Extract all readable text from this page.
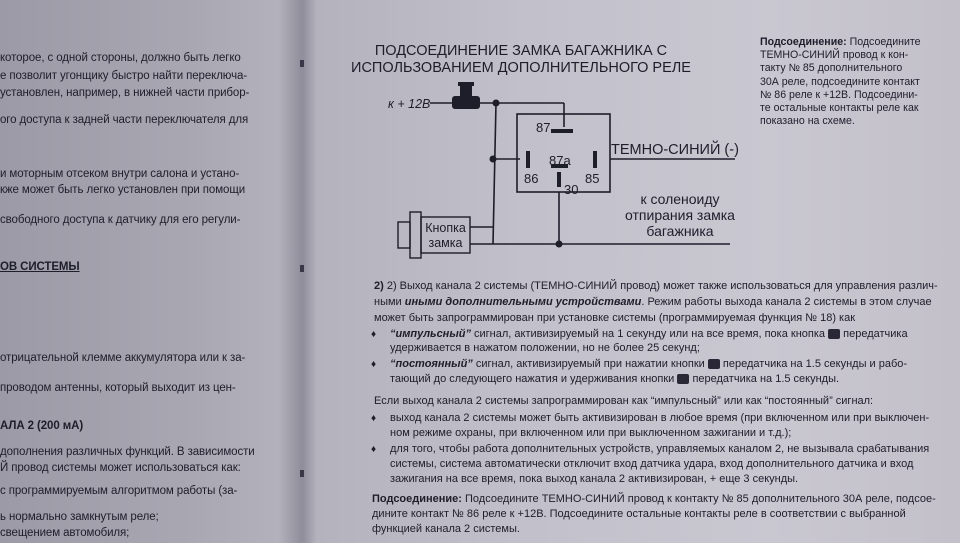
которое, с одной стороны, должно быть легко
е позволит угонщику быстро найти переключа-
установлен, например, в нижней части прибор-
ого доступа к задней части переключателя для
и моторным отсеком внутри салона и устано-
кже может быть легко установлен при помощи
свободного доступа к датчику для его регули-
ОВ СИСТЕМЫ
отрицательной клемме аккумулятора или к за-
проводом антенны, который выходит из цен-
АЛА 2 (200 мА)
дополнения различных функций. В зависимости
Й провод системы может использоваться как:
с программируемым алгоритмом работы (за-
ь нормально замкнутым реле;
свещением автомобиля;
ПОДСОЕДИНЕНИЕ ЗАМКА БАГАЖНИКА С
ИСПОЛЬЗОВАНИЕМ ДОПОЛНИТЕЛЬНОГО РЕЛЕ
к + 12В
87
87a
86	85
30
ТЕМНО-СИНИЙ (-)
к соленоиду
отпирания замка
багажника
Кнопка
замка
Подсоединение: Подсоедините
ТЕМНО-СИНИЙ провод к кон-
такту № 85 дополнительного
30А реле, подсоедините контакт
№ 86 реле к +12В. Подсоедини-
те остальные контакты реле как
показано на схеме.
2) 2) Выход канала 2 системы (ТЕМНО-СИНИЙ провод) может также использоваться для управления различ-
ными иными дополнительными устройствами. Режим работы выхода канала 2 системы в этом случае
может быть запрограммирован при установке системы (программируемая функция № 18) как
♦ “импульсный” сигнал, активизируемый на 1 секунду или на все время, пока кнопка  передатчика
удерживается в нажатом положении, но не более 25 секунд;
♦ “постоянный” сигнал, активизируемый при нажатии кнопки  передатчика на 1.5 секунды и рабо-
тающий до следующего нажатия и удерживания кнопки  передатчика на 1.5 секунды.
Если выход канала 2 системы запрограммирован как “импульсный” или как “постоянный” сигнал:
♦ выход канала 2 системы может быть активизирован в любое время (при включенном или при выключен-
ном режиме охраны, при включенном или при выключенном зажигании и т.д.);
♦ для того, чтобы работа дополнительных устройств, управляемых каналом 2, не вызывала срабатывания
системы, система автоматически отключит вход датчика удара, вход дополнительного датчика и вход
зажигания на все время, пока выход канала 2 активизирован, + еще 3 секунды.
Подсоединение: Подсоедините ТЕМНО-СИНИЙ провод к контакту № 85 дополнительного 30А реле, подсое-
дините контакт № 86 реле к +12В. Подсоедините остальные контакты реле в соответствии с выбранной
функцией канала 2 системы.
